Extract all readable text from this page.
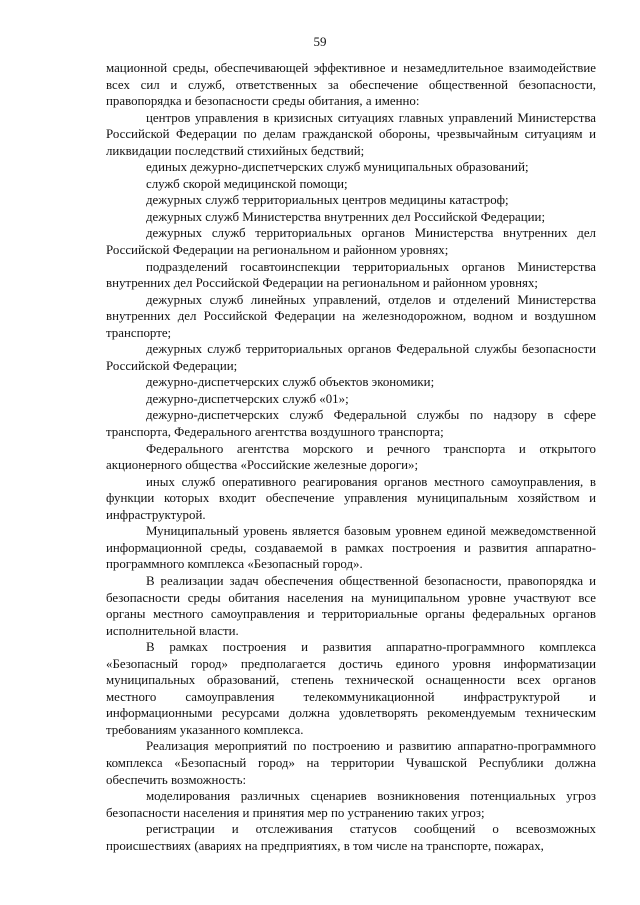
59

мационной среды, обеспечивающей эффективное и незамедлительное взаимодействие всех сил и служб, ответственных за обеспечение общественной безопасности, правопорядка и безопасности среды обитания, а именно:

центров управления в кризисных ситуациях главных управлений Министерства Российской Федерации по делам гражданской обороны, чрезвычайным ситуациям и ликвидации последствий стихийных бедствий;

единых дежурно-диспетчерских служб муниципальных образований;

служб скорой медицинской помощи;

дежурных служб территориальных центров медицины катастроф;

дежурных служб Министерства внутренних дел Российской Федерации;

дежурных служб территориальных органов Министерства внутренних дел Российской Федерации на региональном и районном уровнях;

подразделений госавтоинспекции территориальных органов Министерства внутренних дел Российской Федерации на региональном и районном уровнях;

дежурных служб линейных управлений, отделов и отделений Министерства внутренних дел Российской Федерации на железнодорожном, водном и воздушном транспорте;

дежурных служб территориальных органов Федеральной службы безопасности Российской Федерации;

дежурно-диспетчерских служб объектов экономики;

дежурно-диспетчерских служб «01»;

дежурно-диспетчерских служб Федеральной службы по надзору в сфере транспорта, Федерального агентства воздушного транспорта;

Федерального агентства морского и речного транспорта и открытого акционерного общества «Российские железные дороги»;

иных служб оперативного реагирования органов местного самоуправления, в функции которых входит обеспечение управления муниципальным хозяйством и инфраструктурой.

Муниципальный уровень является базовым уровнем единой межведомственной информационной среды, создаваемой в рамках построения и развития аппаратно-программного комплекса «Безопасный город».

В реализации задач обеспечения общественной безопасности, правопорядка и безопасности среды обитания населения на муниципальном уровне участвуют все органы местного самоуправления и территориальные органы федеральных органов исполнительной власти.

В рамках построения и развития аппаратно-программного комплекса «Безопасный город» предполагается достичь единого уровня информатизации муниципальных образований, степень технической оснащенности всех органов местного самоуправления телекоммуникационной инфраструктурой и информационными ресурсами должна удовлетворять рекомендуемым техническим требованиям указанного комплекса.

Реализация мероприятий по построению и развитию аппаратно-программного комплекса «Безопасный город» на территории Чувашской Республики должна обеспечить возможность:

моделирования различных сценариев возникновения потенциальных угроз безопасности населения и принятия мер по устранению таких угроз;

регистрации и отслеживания статусов сообщений о всевозможных происшествиях (авариях на предприятиях, в том числе на транспорте, пожарах,
